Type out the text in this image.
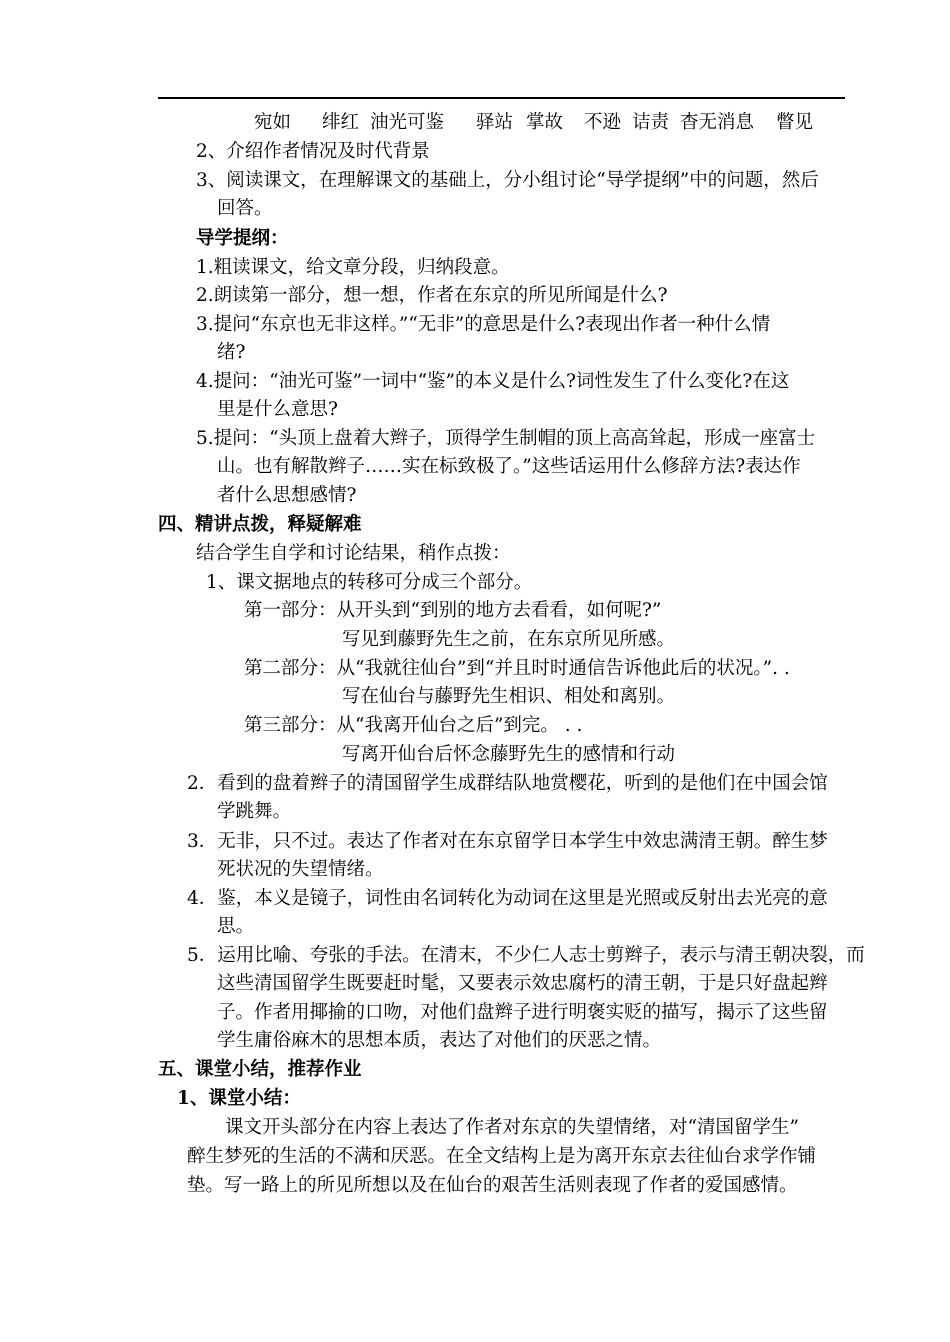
宛如 绯红 油光可鉴 驿站 掌故 不逊 诘责 杳无消息 瞥见
2、介绍作者情况及时代背景
3、阅读课文，在理解课文的基础上，分小组讨论“导学提纲”中的问题，然后
回答。
导学提纲：
1.粗读课文，给文章分段，归纳段意。
2.朗读第一部分，想一想，作者在东京的所见所闻是什么?
3.提问“东京也无非这样。”“无非”的意思是什么?表现出作者一种什么情
绪?
4.提问：“油光可鉴”一词中“鉴”的本义是什么?词性发生了什么变化?在这
里是什么意思?
5.提问：“头顶上盘着大辫子，顶得学生制帽的顶上高高耸起，形成一座富士
山。也有解散辫子……实在标致极了。”这些话运用什么修辞方法?表达作
者什么思想感情?
四、精讲点拨，释疑解难
结合学生自学和讨论结果，稍作点拨：
1、课文据地点的转移可分成三个部分。
第一部分：从开头到“到别的地方去看看，如何呢?”
写见到藤野先生之前，在东京所见所感。
第二部分：从“我就往仙台”到“并且时时通信告诉他此后的状况。”. .
写在仙台与藤野先生相识、相处和离别。
第三部分：从“我离开仙台之后”到完。 . .
写离开仙台后怀念藤野先生的感情和行动
2．看到的盘着辫子的清国留学生成群结队地赏樱花，听到的是他们在中国会馆
学跳舞。
3．无非，只不过。表达了作者对在东京留学日本学生中效忠满清王朝。醉生梦
死状况的失望情绪。
4．鉴，本义是镜子，词性由名词转化为动词在这里是光照或反射出去光亮的意
思。
5．运用比喻、夸张的手法。在清末，不少仁人志士剪辫子，表示与清王朝决裂，而
这些清国留学生既要赶时髦，又要表示效忠腐朽的清王朝，于是只好盘起辫
子。作者用揶揄的口吻，对他们盘辫子进行明褒实贬的描写，揭示了这些留
学生庸俗麻木的思想本质，表达了对他们的厌恶之情。
五、课堂小结，推荐作业
1、课堂小结：
课文开头部分在内容上表达了作者对东京的失望情绪，对“清国留学生”
醉生梦死的生活的不满和厌恶。在全文结构上是为离开东京去往仙台求学作铺
垫。写一路上的所见所想以及在仙台的艰苦生活则表现了作者的爱国感情。
